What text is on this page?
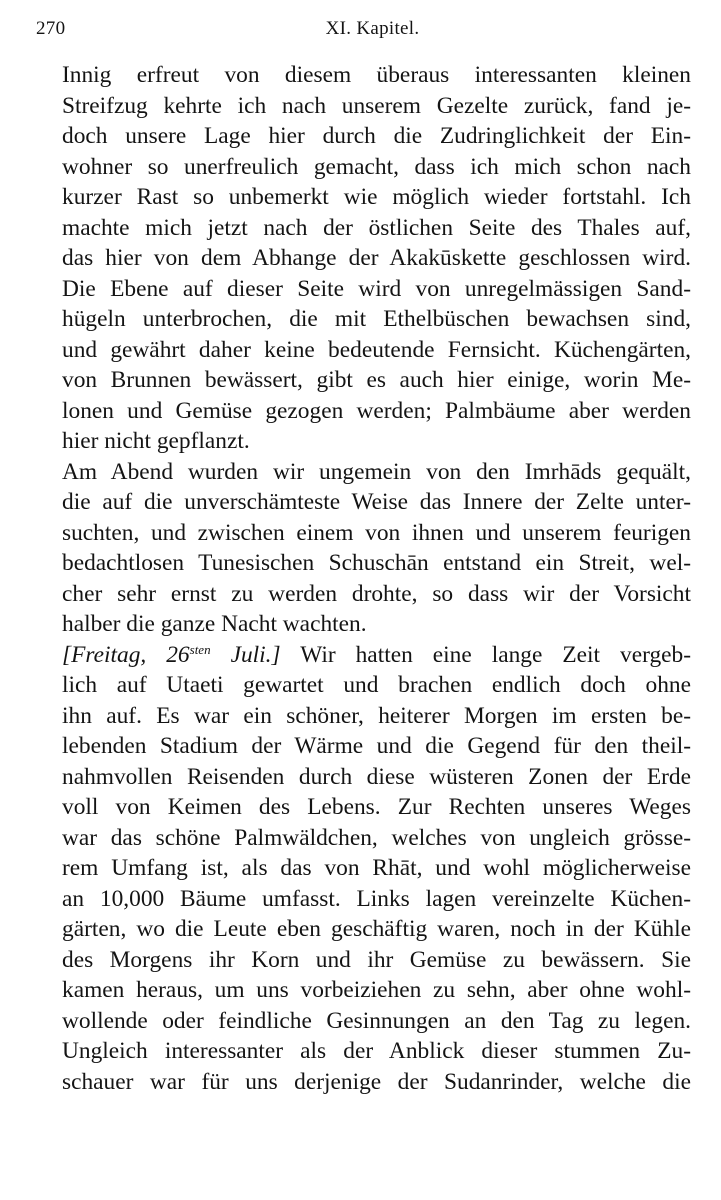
270	XI. Kapitel.

Innig erfreut von diesem überaus interessanten kleinen
Streifzug kehrte ich nach unserem Gezelte zurück, fand je-
doch unsere Lage hier durch die Zudringlichkeit der Ein-
wohner so unerfreulich gemacht, dass ich mich schon nach
kurzer Rast so unbemerkt wie möglich wieder fortstahl. Ich
machte mich jetzt nach der östlichen Seite des Thales auf,
das hier von dem Abhange der Akakūskette geschlossen wird.
Die Ebene auf dieser Seite wird von unregelmässigen Sand-
hügeln unterbrochen, die mit Ethelbüschen bewachsen sind,
und gewährt daher keine bedeutende Fernsicht. Küchengärten,
von Brunnen bewässert, gibt es auch hier einige, worin Me-
lonen und Gemüse gezogen werden; Palmbäume aber werden
hier nicht gepflanzt.

Am Abend wurden wir ungemein von den Imrhāds gequält,
die auf die unverschämteste Weise das Innere der Zelte unter-
suchten, und zwischen einem von ihnen und unserem feurigen
bedachtlosen Tunesischen Schuschān entstand ein Streit, wel-
cher sehr ernst zu werden drohte, so dass wir der Vorsicht
halber die ganze Nacht wachten.

[Freitag, $26^{sten}$ Juli.] Wir hatten eine lange Zeit vergeb-
lich auf Utaeti gewartet und brachen endlich doch ohne
ihn auf. Es war ein schöner, heiterer Morgen im ersten be-
lebenden Stadium der Wärme und die Gegend für den theil-
nahmvollen Reisenden durch diese wüsteren Zonen der Erde
voll von Keimen des Lebens. Zur Rechten unseres Weges
war das schöne Palmwäldchen, welches von ungleich grösse-
rem Umfang ist, als das von Rhāt, und wohl möglicherweise
an 10,000 Bäume umfasst. Links lagen vereinzelte Küchen-
gärten, wo die Leute eben geschäftig waren, noch in der Kühle
des Morgens ihr Korn und ihr Gemüse zu bewässern. Sie
kamen heraus, um uns vorbeiziehen zu sehn, aber ohne wohl-
wollende oder feindliche Gesinnungen an den Tag zu legen.
Ungleich interessanter als der Anblick dieser stummen Zu-
schauer war für uns derjenige der Sudanrinder, welche die
